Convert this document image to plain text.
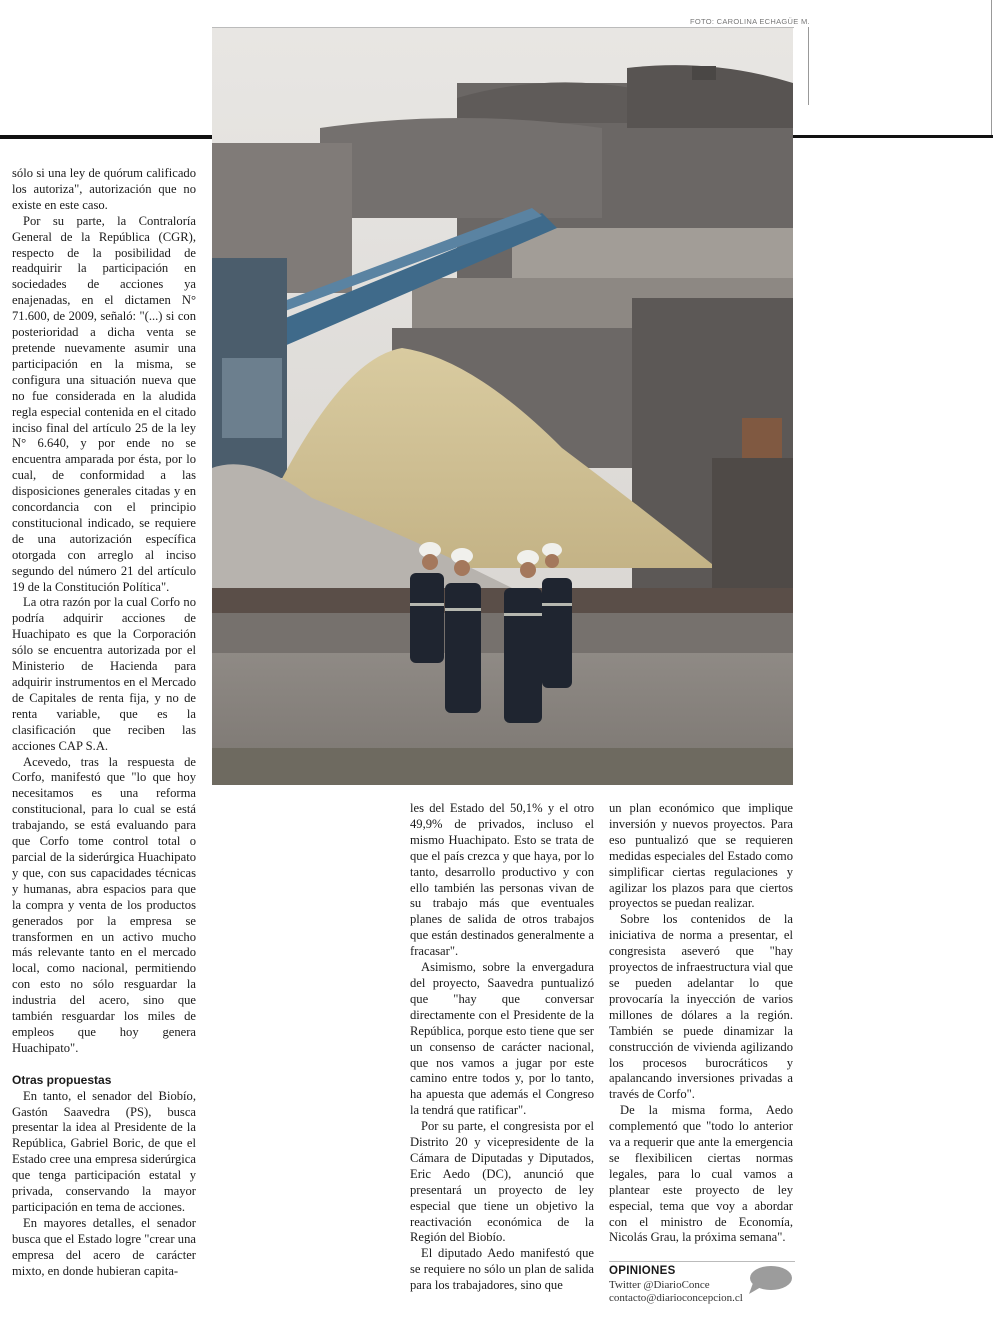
FOTO: CAROLINA ECHAGÜE M.

sólo si una ley de quórum calificado los autoriza", autorización que no existe en este caso.

Por su parte, la Contraloría General de la República (CGR), respecto de la posibilidad de readquirir la participación en sociedades de acciones ya enajenadas, en el dictamen N° 71.600, de 2009, señaló: "(...) si con posterioridad a dicha venta se pretende nuevamente asumir una participación en la misma, se configura una situación nueva que no fue considerada en la aludida regla especial contenida en el citado inciso final del artículo 25 de la ley N° 6.640, y por ende no se encuentra amparada por ésta, por lo cual, de conformidad a las disposiciones generales citadas y en concordancia con el principio constitucional indicado, se requiere de una autorización específica otorgada con arreglo al inciso segundo del número 21 del artículo 19 de la Constitución Política".

La otra razón por la cual Corfo no podría adquirir acciones de Huachipato es que la Corporación sólo se encuentra autorizada por el Ministerio de Hacienda para adquirir instrumentos en el Mercado de Capitales de renta fija, y no de renta variable, que es la clasificación que reciben las acciones CAP S.A.

Acevedo, tras la respuesta de Corfo, manifestó que "lo que hoy necesitamos es una reforma constitucional, para lo cual se está trabajando, se está evaluando para que Corfo tome control total o parcial de la siderúrgica Huachipato y que, con sus capacidades técnicas y humanas, abra espacios para que la compra y venta de los productos generados por la empresa se transformen en un activo mucho más relevante tanto en el mercado local, como nacional, permitiendo con esto no sólo resguardar la industria del acero, sino que también resguardar los miles de empleos que hoy genera Huachipato".

Otras propuestas

En tanto, el senador del Biobío, Gastón Saavedra (PS), busca presentar la idea al Presidente de la República, Gabriel Boric, de que el Estado cree una empresa siderúrgica que tenga participación estatal y privada, conservando la mayor participación en tema de acciones.

En mayores detalles, el senador busca que el Estado logre "crear una empresa del acero de carácter mixto, en donde hubieran capita-

les del Estado del 50,1% y el otro 49,9% de privados, incluso el mismo Huachipato. Esto se trata de que el país crezca y que haya, por lo tanto, desarrollo productivo y con ello también las personas vivan de su trabajo más que eventuales planes de salida de otros trabajos que están destinados generalmente a fracasar".

Asimismo, sobre la envergadura del proyecto, Saavedra puntualizó que "hay que conversar directamente con el Presidente de la República, porque esto tiene que ser un consenso de carácter nacional, que nos vamos a jugar por este camino entre todos y, por lo tanto, ha apuesta que además el Congreso la tendrá que ratificar".

Por su parte, el congresista por el Distrito 20 y vicepresidente de la Cámara de Diputadas y Diputados, Eric Aedo (DC), anunció que presentará un proyecto de ley especial que tiene un objetivo la reactivación económica de la Región del Biobío.

El diputado Aedo manifestó que se requiere no sólo un plan de salida para los trabajadores, sino que

un plan económico que implique inversión y nuevos proyectos. Para eso puntualizó que se requieren medidas especiales del Estado como simplificar ciertas regulaciones y agilizar los plazos para que ciertos proyectos se puedan realizar.

Sobre los contenidos de la iniciativa de norma a presentar, el congresista aseveró que "hay proyectos de infraestructura vial que se pueden adelantar lo que provocaría la inyección de varios millones de dólares a la región. También se puede dinamizar la construcción de vivienda agilizando los procesos burocráticos y apalancando inversiones privadas a través de Corfo".

De la misma forma, Aedo complementó que "todo lo anterior va a requerir que ante la emergencia se flexibilicen ciertas normas legales, para lo cual vamos a plantear este proyecto de ley especial, tema que voy a abordar con el ministro de Economía, Nicolás Grau, la próxima semana".

OPINIONES
Twitter @DiarioConce
contacto@diarioconcepcion.cl
